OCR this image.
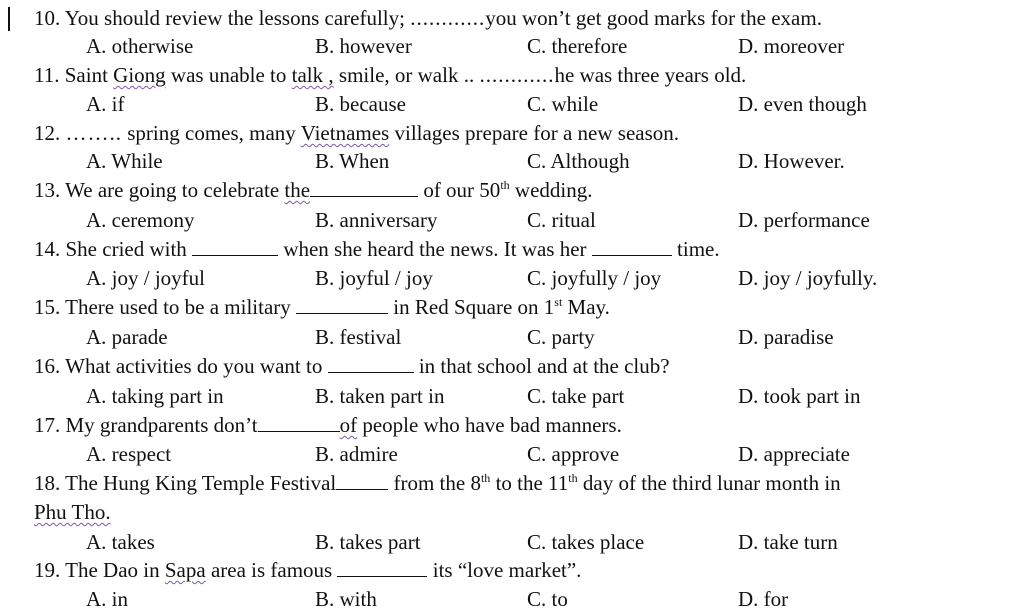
10. You should review the lessons carefully; ............you won’t get good marks for the exam.
A. otherwise	B. however	C. therefore	D. moreover
11. Saint Giong was unable to talk , smile, or walk .. ............he was three years old.
A. if	B. because	C. while	D. even though
12. …….. spring comes, many Vietnames villages prepare for a new season.
A. While	B. When	C. Although	D. However.
13. We are going to celebrate the	of our 50th wedding.
A. ceremony	B. anniversary	C. ritual	D. performance
14. She cried with	when she heard the news. It was her	time.
A. joy / joyful	B. joyful / joy	C. joyfully / joy	D. joy / joyfully.
15. There used to be a military	in Red Square on 1st May.
A. parade	B. festival	C. party	D. paradise
16. What activities do you want to	in that school and at the club?
A. taking part in	B. taken part in	C. take part	D. took part in
17. My grandparents don’t	of people who have bad manners.
A. respect	B. admire	C. approve	D. appreciate
18. The Hung King Temple Festival from the 8th to the 11th day of the third lunar month in
Phu Tho.
A. takes	B. takes part	C. takes place	D. take turn
19. The Dao in Sapa area is famous	its “love market”.
A. in	B. with	C. to	D. for
